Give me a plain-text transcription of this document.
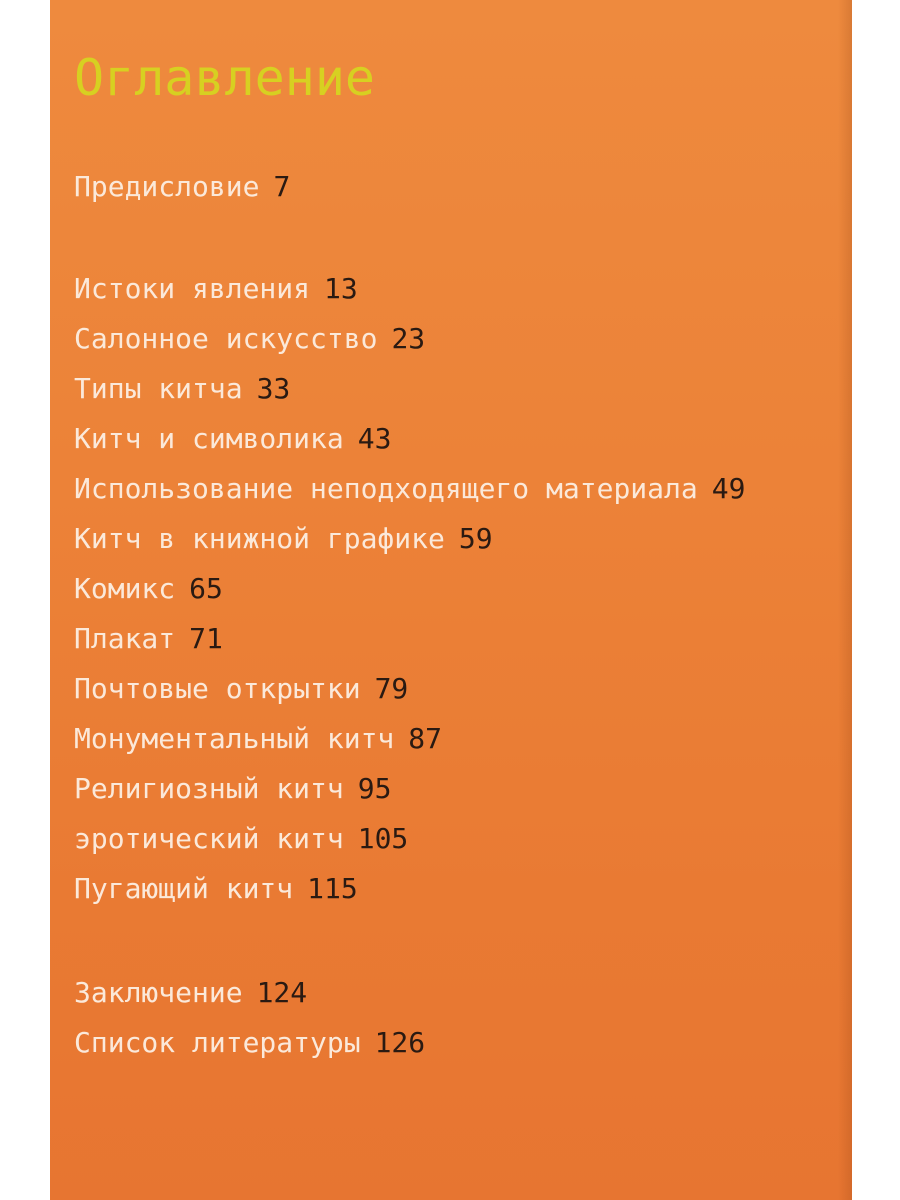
Оглавление
Предисловие 7
Истоки явления 13
Салонное искусство 23
Типы китча 33
Китч и символика 43
Использование неподходящего материала 49
Китч в книжной графике 59
Комикс 65
Плакат 71
Почтовые открытки 79
Монументальный китч 87
Религиозный китч 95
эротический китч 105
Пугающий китч 115
Заключение 124
Список литературы 126
